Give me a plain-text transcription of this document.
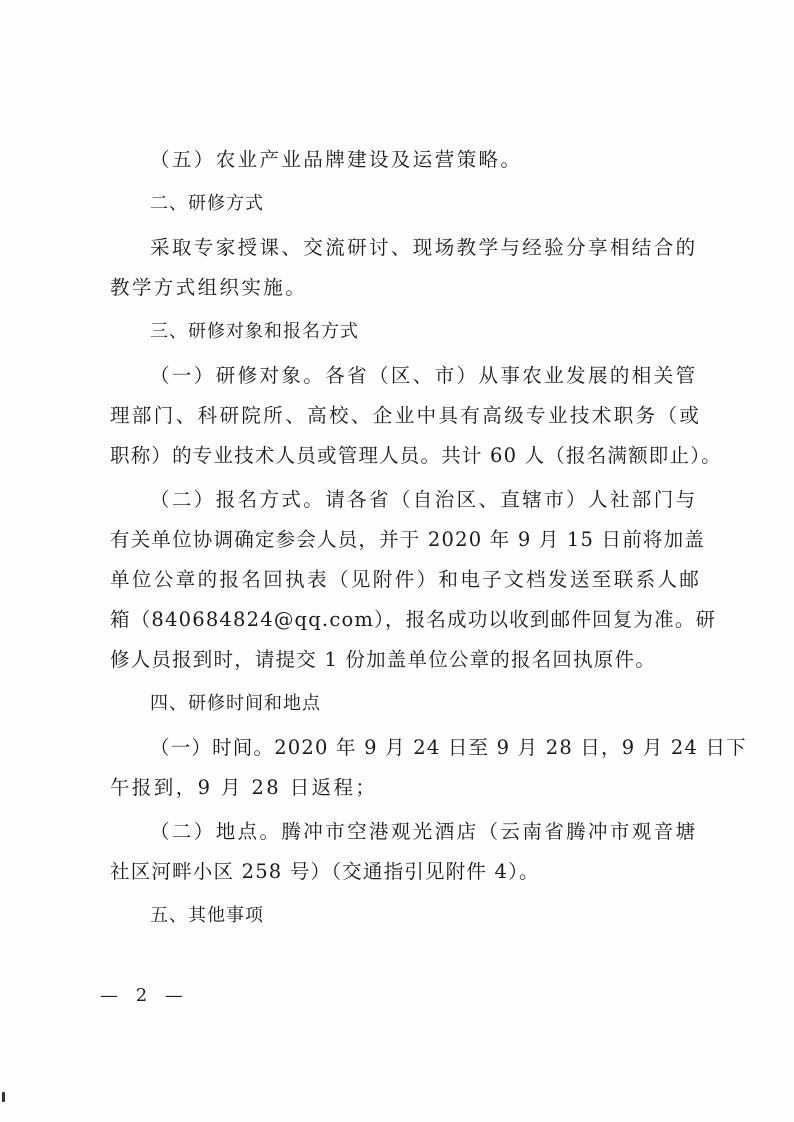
（五）农业产业品牌建设及运营策略。
二、研修方式
采取专家授课、交流研讨、现场教学与经验分享相结合的
教学方式组织实施。
三、研修对象和报名方式
（一）研修对象。各省（区、市）从事农业发展的相关管
理部门、科研院所、高校、企业中具有高级专业技术职务（或
职称）的专业技术人员或管理人员。共计 60 人（报名满额即止）。
（二）报名方式。请各省（自治区、直辖市）人社部门与
有关单位协调确定参会人员，并于 2020 年 9 月 15 日前将加盖
单位公章的报名回执表（见附件）和电子文档发送至联系人邮
箱（840684824@qq.com），报名成功以收到邮件回复为准。研
修人员报到时，请提交 1 份加盖单位公章的报名回执原件。
四、研修时间和地点
（一）时间。2020 年 9 月 24 日至 9 月 28 日，9 月 24 日下
午报到，9 月 28 日返程；
（二）地点。腾冲市空港观光酒店（云南省腾冲市观音塘
社区河畔小区 258 号）（交通指引见附件 4）。
五、其他事项
— 2 —
